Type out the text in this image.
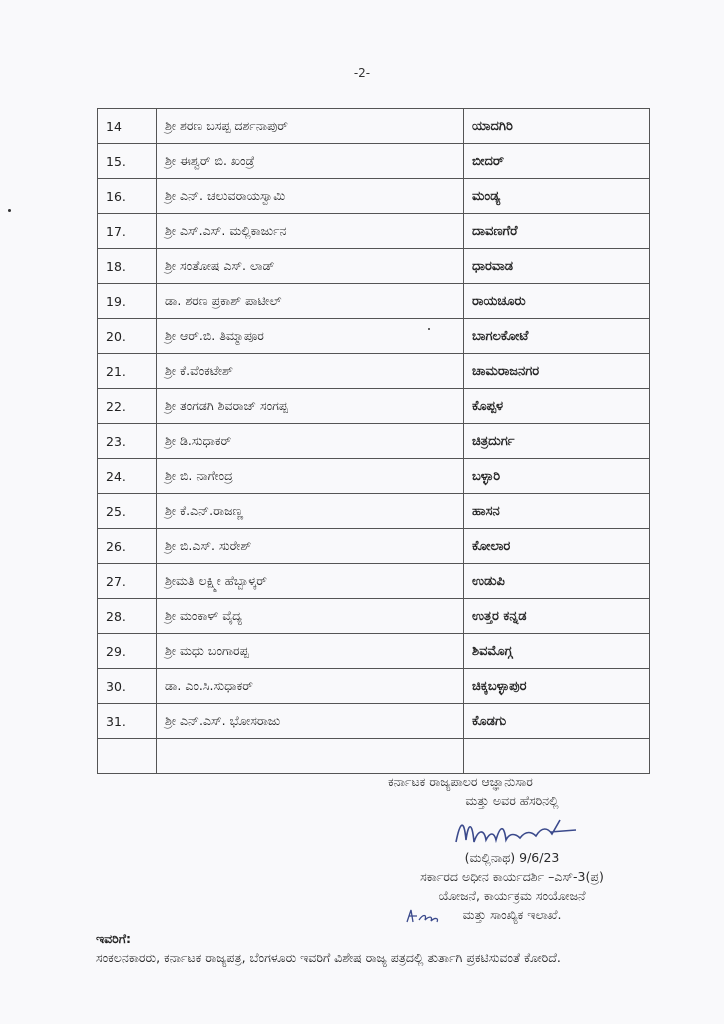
-2-
14	ಶ್ರೀ ಶರಣ ಬಸಪ್ಪ ದರ್ಶನಾಪುರ್	ಯಾದಗಿರಿ
15.	ಶ್ರೀ ಈಶ್ವರ್ ಬಿ. ಖಂಡ್ರೆ	ಬೀದರ್
16.	ಶ್ರೀ ಎನ್. ಚಲುವರಾಯಸ್ವಾಮಿ	ಮಂಡ್ಯ
17.	ಶ್ರೀ ಎಸ್.ಎಸ್. ಮಲ್ಲಿಕಾರ್ಜುನ	ದಾವಣಗೆರೆ
18.	ಶ್ರೀ ಸಂತೋಷ ಎಸ್. ಲಾಡ್	ಧಾರವಾಡ
19.	ಡಾ. ಶರಣ ಪ್ರಕಾಶ್ ಪಾಟೀಲ್	ರಾಯಚೂರು
20.	ಶ್ರೀ ಆರ್.ಬಿ. ತಿಮ್ಮಾಪೂರ	ಬಾಗಲಕೋಟೆ
21.	ಶ್ರೀ ಕೆ.ವೆಂಕಟೇಶ್	ಚಾಮರಾಜನಗರ
22.	ಶ್ರೀ ತಂಗಡಗಿ ಶಿವರಾಜ್ ಸಂಗಪ್ಪ	ಕೊಪ್ಪಳ
23.	ಶ್ರೀ ಡಿ.ಸುಧಾಕರ್	ಚಿತ್ರದುರ್ಗ
24.	ಶ್ರೀ ಬಿ. ನಾಗೇಂದ್ರ	ಬಳ್ಳಾರಿ
25.	ಶ್ರೀ ಕೆ.ಎನ್.ರಾಜಣ್ಣ	ಹಾಸನ
26.	ಶ್ರೀ ಬಿ.ಎಸ್. ಸುರೇಶ್	ಕೋಲಾರ
27.	ಶ್ರೀಮತಿ ಲಕ್ಷ್ಮೀ ಹೆಬ್ಬಾಳ್ಕರ್	ಉಡುಪಿ
28.	ಶ್ರೀ ಮಂಕಾಳ್ ವೈದ್ಯ	ಉತ್ತರ ಕನ್ನಡ
29.	ಶ್ರೀ ಮಧು ಬಂಗಾರಪ್ಪ	ಶಿವಮೊಗ್ಗ
30.	ಡಾ. ಎಂ.ಸಿ.ಸುಧಾಕರ್	ಚಿಕ್ಕಬಳ್ಳಾಪುರ
31.	ಶ್ರೀ ಎನ್.ಎಸ್. ಭೋಸರಾಜು	ಕೊಡಗು

ಕರ್ನಾಟಕ ರಾಜ್ಯಪಾಲರ ಆಜ್ಞಾನುಸಾರ
ಮತ್ತು ಅವರ ಹೆಸರಿನಲ್ಲಿ
(ಮಲ್ಲಿನಾಥ) 9/6/23
ಸರ್ಕಾರದ ಅಧೀನ ಕಾರ್ಯದರ್ಶಿ –ಎಸ್-3(ಪ್ರ)
ಯೋಜನೆ, ಕಾರ್ಯಕ್ರಮ ಸಂಯೋಜನೆ
ಮತ್ತು ಸಾಂಖ್ಯಿಕ ಇಲಾಖೆ.
ಇವರಿಗೆ:
ಸಂಕಲನಕಾರರು, ಕರ್ನಾಟಕ ರಾಜ್ಯಪತ್ರ, ಬೆಂಗಳೂರು ಇವರಿಗೆ ವಿಶೇಷ ರಾಜ್ಯ ಪತ್ರದಲ್ಲಿ ತುರ್ತಾಗಿ ಪ್ರಕಟಿಸುವಂತೆ ಕೋರಿದೆ.
